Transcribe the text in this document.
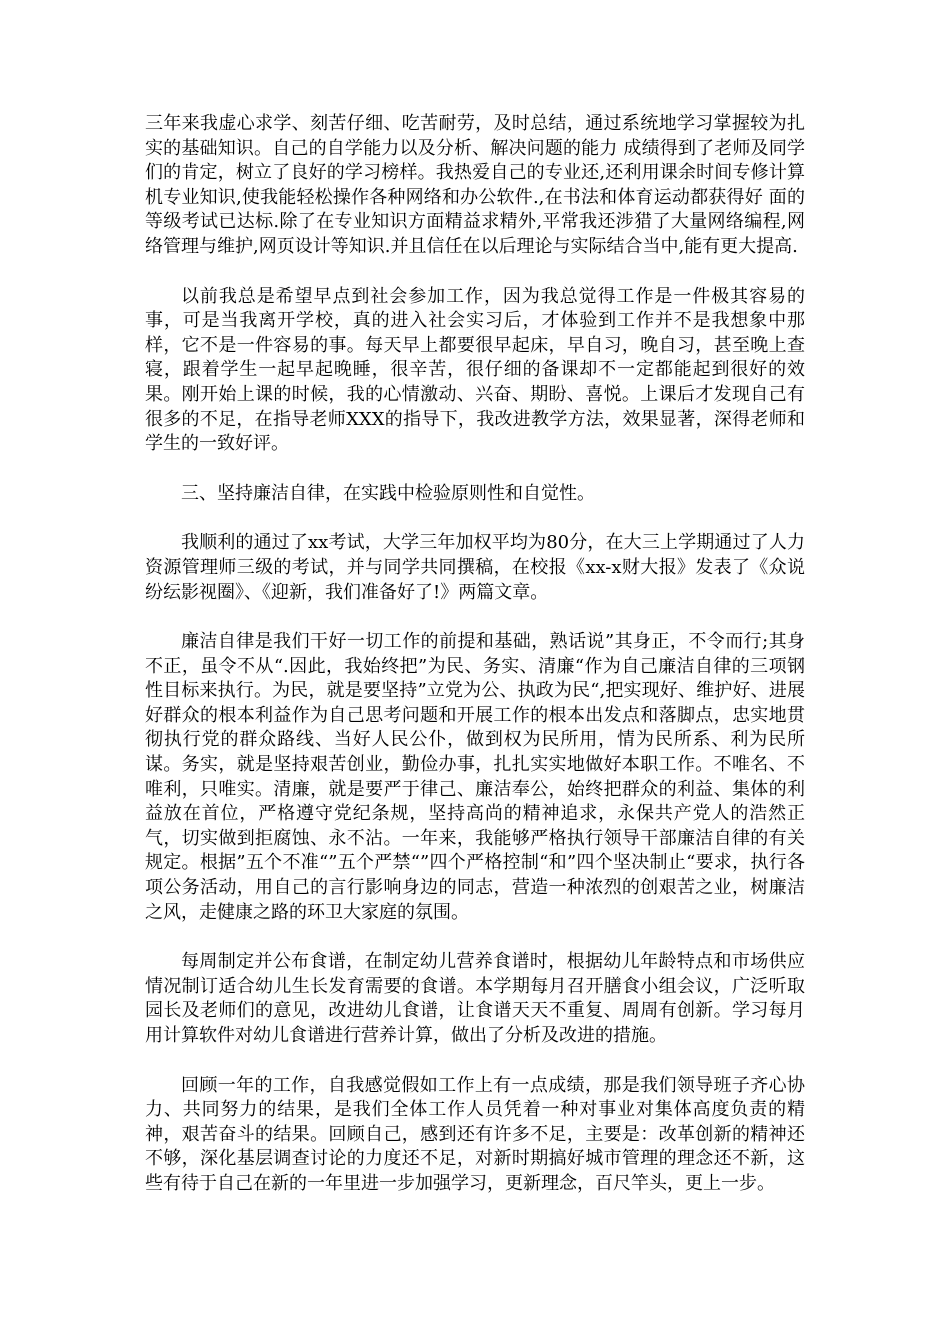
三年来我虚心求学、刻苦仔细、吃苦耐劳，及时总结，通过系统地学习掌握较为扎实的基础知识。自己的自学能力以及分析、解决问题的能力 成绩得到了老师及同学们的肯定，树立了良好的学习榜样。我热爱自己的专业还,还利用课余时间专修计算机专业知识,使我能轻松操作各种网络和办公软件.,在书法和体育运动都获得好 面的等级考试已达标.除了在专业知识方面精益求精外,平常我还涉猎了大量网络编程,网络管理与维护,网页设计等知识.并且信任在以后理论与实际结合当中,能有更大提高.

以前我总是希望早点到社会参加工作，因为我总觉得工作是一件极其容易的事，可是当我离开学校，真的进入社会实习后，才体验到工作并不是我想象中那样，它不是一件容易的事。每天早上都要很早起床，早自习，晚自习，甚至晚上查寝，跟着学生一起早起晚睡，很辛苦，很仔细的备课却不一定都能起到很好的效果。刚开始上课的时候，我的心情激动、兴奋、期盼、喜悦。上课后才发现自己有很多的不足，在指导老师XXX的指导下，我改进教学方法，效果显著，深得老师和学生的一致好评。

三、坚持廉洁自律，在实践中检验原则性和自觉性。

我顺利的通过了xx考试，大学三年加权平均为80分，在大三上学期通过了人力资源管理师三级的考试，并与同学共同撰稿，在校报《xx-x财大报》发表了《众说纷纭影视圈》、《迎新，我们准备好了!》两篇文章。

廉洁自律是我们干好一切工作的前提和基础，熟话说”其身正，不令而行;其身不正，虽令不从“.因此，我始终把”为民、务实、清廉“作为自己廉洁自律的三项钢性目标来执行。为民，就是要坚持”立党为公、执政为民“,把实现好、维护好、进展好群众的根本利益作为自己思考问题和开展工作的根本出发点和落脚点，忠实地贯彻执行党的群众路线、当好人民公仆，做到权为民所用，情为民所系、利为民所谋。务实，就是坚持艰苦创业，勤俭办事，扎扎实实地做好本职工作。不唯名、不唯利，只唯实。清廉，就是要严于律己、廉洁奉公，始终把群众的利益、集体的利益放在首位，严格遵守党纪条规，坚持高尚的精神追求，永保共产党人的浩然正气，切实做到拒腐蚀、永不沾。一年来，我能够严格执行领导干部廉洁自律的有关规定。根据”五个不准“”五个严禁“”四个严格控制“和”四个坚决制止“要求，执行各项公务活动，用自己的言行影响身边的同志，营造一种浓烈的创艰苦之业，树廉洁之风，走健康之路的环卫大家庭的氛围。

每周制定并公布食谱，在制定幼儿营养食谱时，根据幼儿年龄特点和市场供应情况制订适合幼儿生长发育需要的食谱。本学期每月召开膳食小组会议，广泛听取园长及老师们的意见，改进幼儿食谱，让食谱天天不重复、周周有创新。学习每月用计算软件对幼儿食谱进行营养计算，做出了分析及改进的措施。

回顾一年的工作，自我感觉假如工作上有一点成绩，那是我们领导班子齐心协力、共同努力的结果，是我们全体工作人员凭着一种对事业对集体高度负责的精神，艰苦奋斗的结果。回顾自己，感到还有许多不足，主要是：改革创新的精神还不够，深化基层调查讨论的力度还不足，对新时期搞好城市管理的理念还不新，这些有待于自己在新的一年里进一步加强学习，更新理念，百尺竿头，更上一步。
